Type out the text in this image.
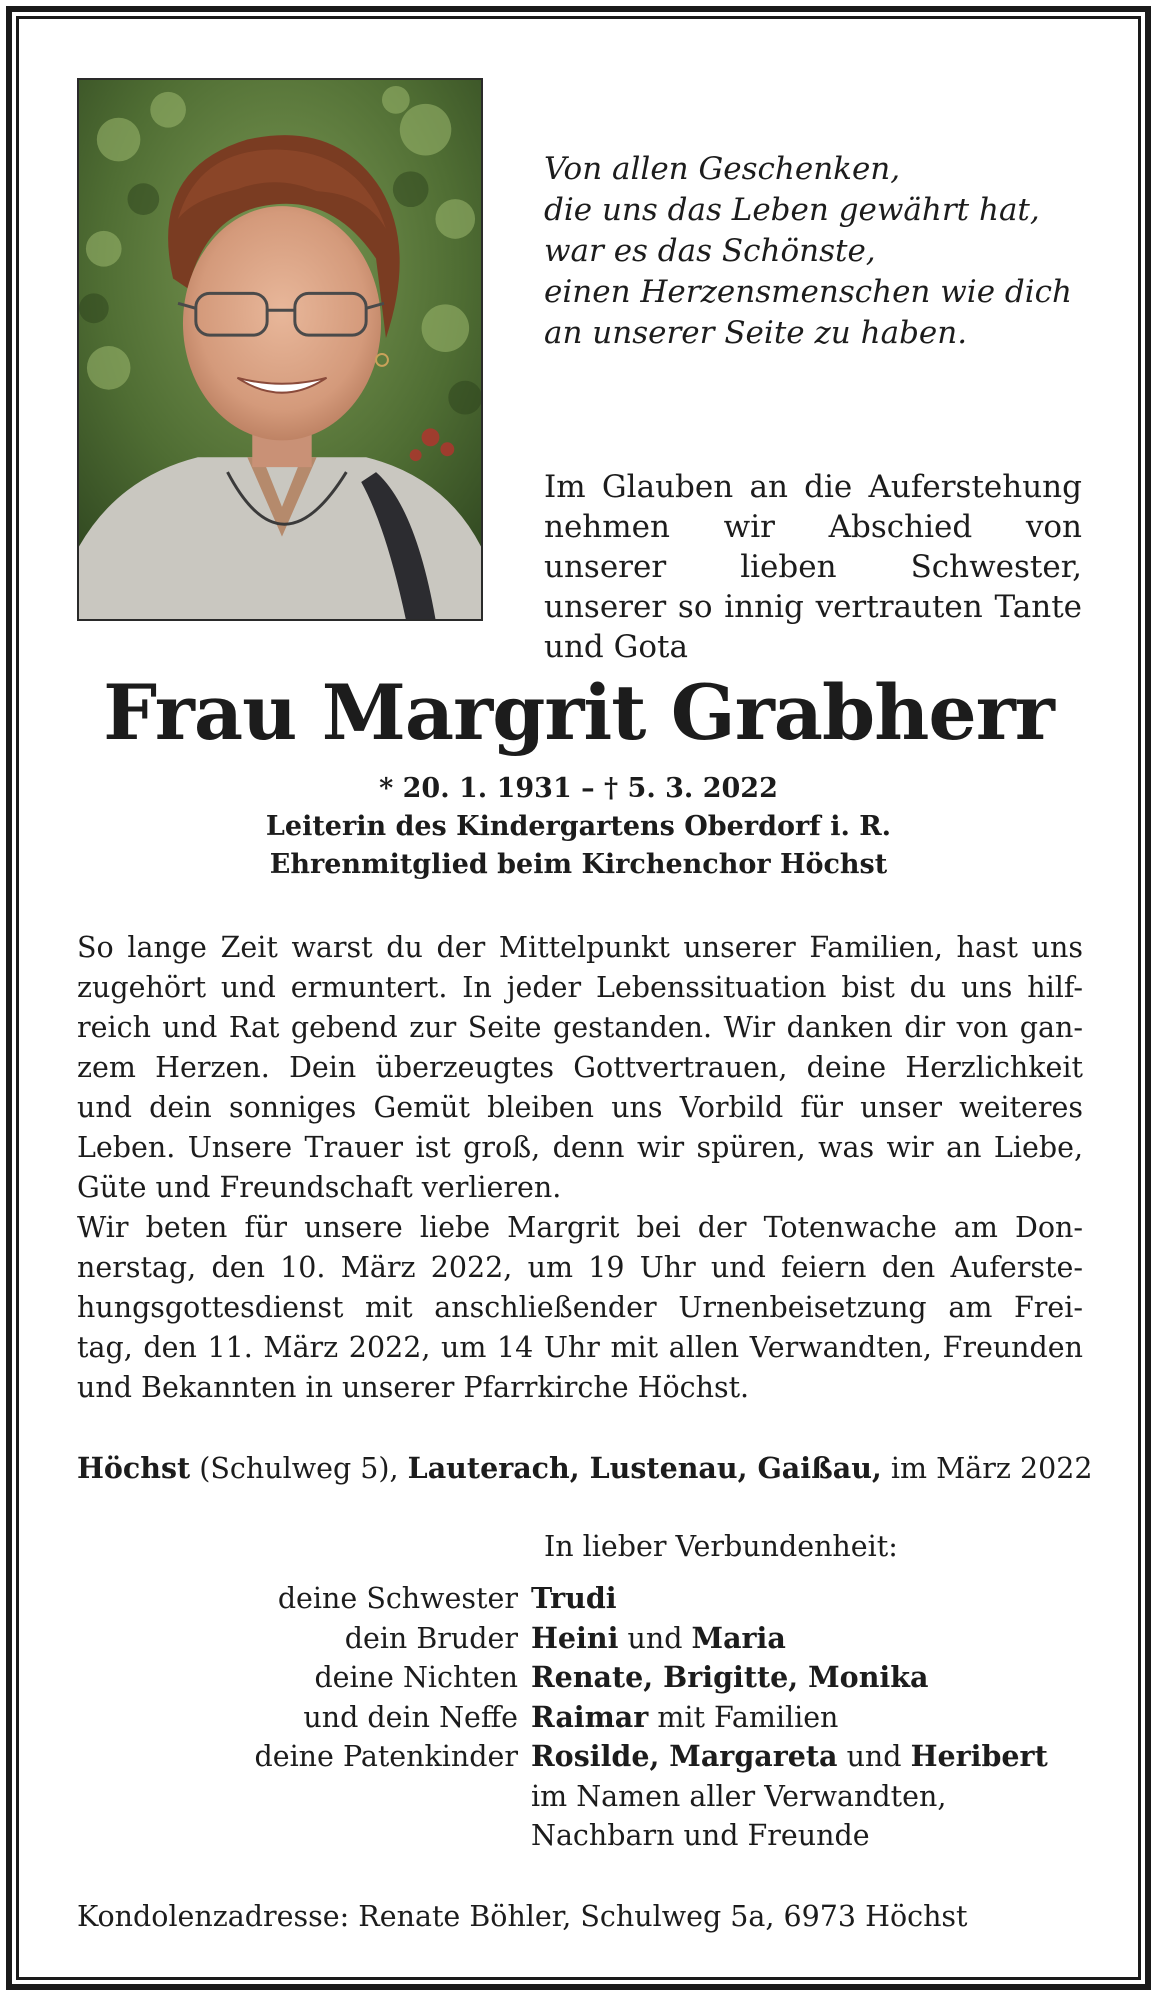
Von allen Geschenken,
die uns das Leben gewährt hat,
war es das Schönste,
einen Herzensmenschen wie dich
an unserer Seite zu haben.
Im Glauben an die Auferstehung nehmen wir Abschied von unserer lieben Schwester, unserer so innig vertrauten Tante und Gota
Frau Margrit Grabherr
* 20. 1. 1931 – † 5. 3. 2022
Leiterin des Kindergartens Oberdorf i. R.
Ehrenmitglied beim Kirchenchor Höchst
So lange Zeit warst du der Mittelpunkt unserer Familien, hast uns
zugehört und ermuntert. In jeder Lebenssituation bist du uns hilf-
reich und Rat gebend zur Seite gestanden. Wir danken dir von gan-
zem Herzen. Dein überzeugtes Gottvertrauen, deine Herzlichkeit
und dein sonniges Gemüt bleiben uns Vorbild für unser weiteres
Leben. Unsere Trauer ist groß, denn wir spüren, was wir an Liebe,
Güte und Freundschaft verlieren.
Wir beten für unsere liebe Margrit bei der Totenwache am Don-
nerstag, den 10. März 2022, um 19 Uhr und feiern den Auferste-
hungsgottesdienst mit anschließender Urnenbeisetzung am Frei-
tag, den 11. März 2022, um 14 Uhr mit allen Verwandten, Freunden
und Bekannten in unserer Pfarrkirche Höchst.
Höchst (Schulweg 5), Lauterach, Lustenau, Gaißau, im März 2022
In lieber Verbundenheit:
deine Schwester Trudi
dein Bruder Heini und Maria
deine Nichten Renate, Brigitte, Monika
und dein Neffe Raimar mit Familien
deine Patenkinder Rosilde, Margareta und Heribert
im Namen aller Verwandten,
Nachbarn und Freunde
Kondolenzadresse: Renate Böhler, Schulweg 5a, 6973 Höchst
